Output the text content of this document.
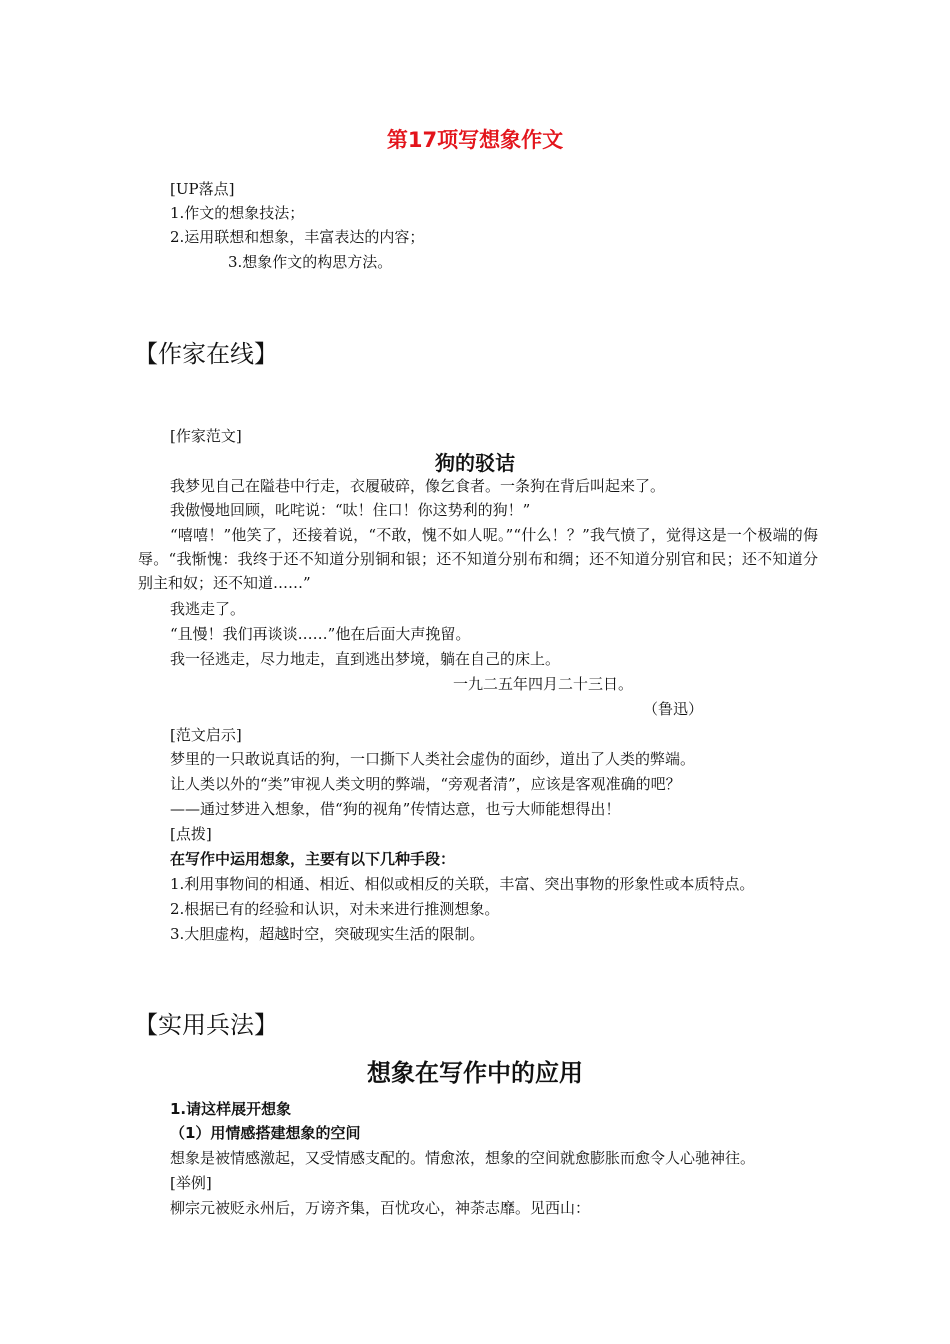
第17项写想象作文
[UP落点]
1.作文的想象技法；
2.运用联想和想象，丰富表达的内容；
3.想象作文的构思方法。
【作家在线】
[作家范文]
狗的驳诘
我梦见自己在隘巷中行走，衣履破碎，像乞食者。一条狗在背后叫起来了。
我傲慢地回顾，叱咤说：“呔！住口！你这势利的狗！”
“嘻嘻！”他笑了，还接着说，“不敢，愧不如人呢。”“什么！？”我气愤了，觉得这是一个极端的侮辱。“我惭愧：我终于还不知道分别铜和银；还不知道分别布和绸；还不知道分别官和民；还不知道分别主和奴；还不知道……”
我逃走了。
“且慢！我们再谈谈……”他在后面大声挽留。
我一径逃走，尽力地走，直到逃出梦境，躺在自己的床上。
一九二五年四月二十三日。
（鲁迅）
[范文启示]
梦里的一只敢说真话的狗，一口撕下人类社会虚伪的面纱，道出了人类的弊端。
让人类以外的“类”审视人类文明的弊端，“旁观者清”，应该是客观准确的吧？
——通过梦进入想象，借“狗的视角”传情达意，也亏大师能想得出！
[点拨]
在写作中运用想象，主要有以下几种手段：
1.利用事物间的相通、相近、相似或相反的关联，丰富、突出事物的形象性或本质特点。
2.根据已有的经验和认识，对未来进行推测想象。
3.大胆虚构，超越时空，突破现实生活的限制。
【实用兵法】
想象在写作中的应用
1.请这样展开想象
（1）用情感搭建想象的空间
想象是被情感激起，又受情感支配的。情愈浓，想象的空间就愈膨胀而愈令人心驰神往。
[举例]
柳宗元被贬永州后，万谤齐集，百忧攻心，神荼志靡。见西山：
